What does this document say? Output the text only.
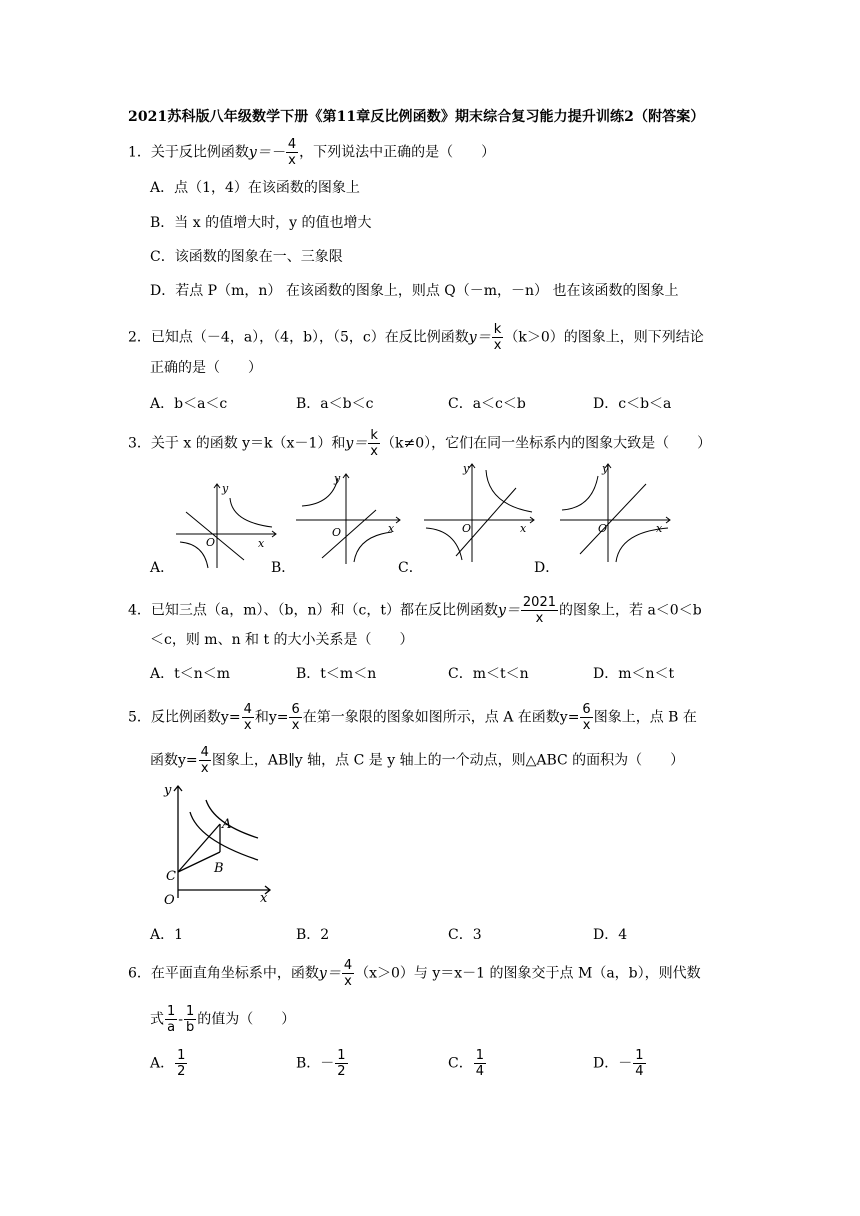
2021苏科版八年级数学下册《第11章反比例函数》期末综合复习能力提升训练2（附答案）
1．关于反比例函数$y=- \frac{4}{x}$ ，下列说法中正确的是（　　）
A．点（1，4）在该函数的图象上
B．当 x 的值增大时，y 的值也增大
C．该函数的图象在一、三象限
D．若点 P（m，n） 在该函数的图象上，则点 Q（－m，－n） 也在该函数的图象上
2．已知点（－4，a），（4，b），（5，c）在反比例函数$y= \frac{k}{x} (k>0)$的图象上，则下列结论
正确的是（　　）
A．b＜a＜c	B．a＜b＜c	C．a＜c＜b	D．c＜b＜a
3．关于 x 的函数 y＝k（x－1）和$y= \frac{k}{x} (k\ne 0)$，它们在同一坐标系内的图象大致是（　　）
y
x
O
A．
y
x
O
B．
y
x
O
C．
y
x
O
D．
4．已知三点（a，m）、（b，n）和（c，t）都在反比例函数$y= \frac{2021}{x}$ 的图象上，若 a＜0＜b
＜c，则 m、n 和 t 的大小关系是（　　）
A．t＜n＜m	B．t＜m＜n	C．m＜t＜n	D．m＜n＜t
5．反比例函数$y= \frac{4}{x}$ 和$y= \frac{6}{x}$ 在第一象限的图象如图所示，点 A 在函数$y= \frac{6}{x}$ 图象上，点 B 在
函数$y= \frac{4}{x}$ 图象上，AB∥y 轴，点 C 是 y 轴上的一个动点，则△ABC 的面积为（　　）
y
x
O
A
B
C
A．1	B．2	C．3	D．4
6．在平面直角坐标系中，函数$y= \frac{4}{x} (x>0)$与 y＝x－1 的图象交于点 M（a，b），则代数
式 $\frac{1}{a} - \frac{1}{b}$ 的值为（　　）
A． $\frac{1}{2}$	B．－ $\frac{1}{2}$	C． $\frac{1}{4}$	D．－ $\frac{1}{4}$
